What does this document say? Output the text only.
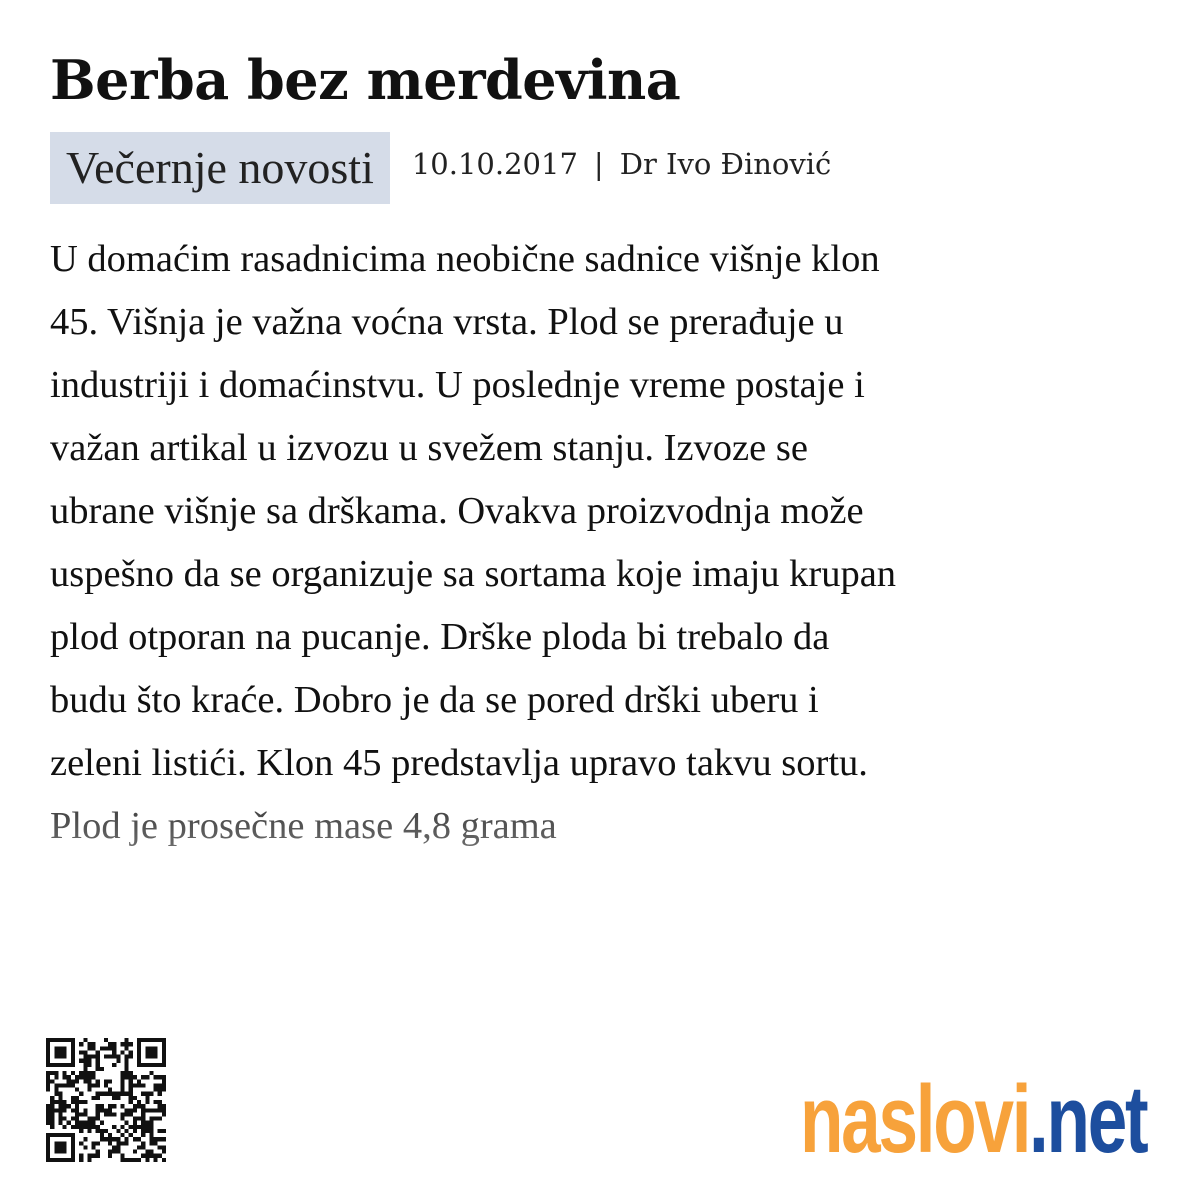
Berba bez merdevina
Večernje novosti	10.10.2017 | Dr Ivo Đinović
U domaćim rasadnicima neobične sadnice višnje klon
45. Višnja je važna voćna vrsta. Plod se prerađuje u
industriji i domaćinstvu. U poslednje vreme postaje i
važan artikal u izvozu u svežem stanju. Izvoze se
ubrane višnje sa drškama. Ovakva proizvodnja može
uspešno da se organizuje sa sortama koje imaju krupan
plod otporan na pucanje. Drške ploda bi trebalo da
budu što kraće. Dobro je da se pored drški uberu i
zeleni listići. Klon 45 predstavlja upravo takvu sortu.
Plod je prosečne mase 4,8 grama
naslovi .net
